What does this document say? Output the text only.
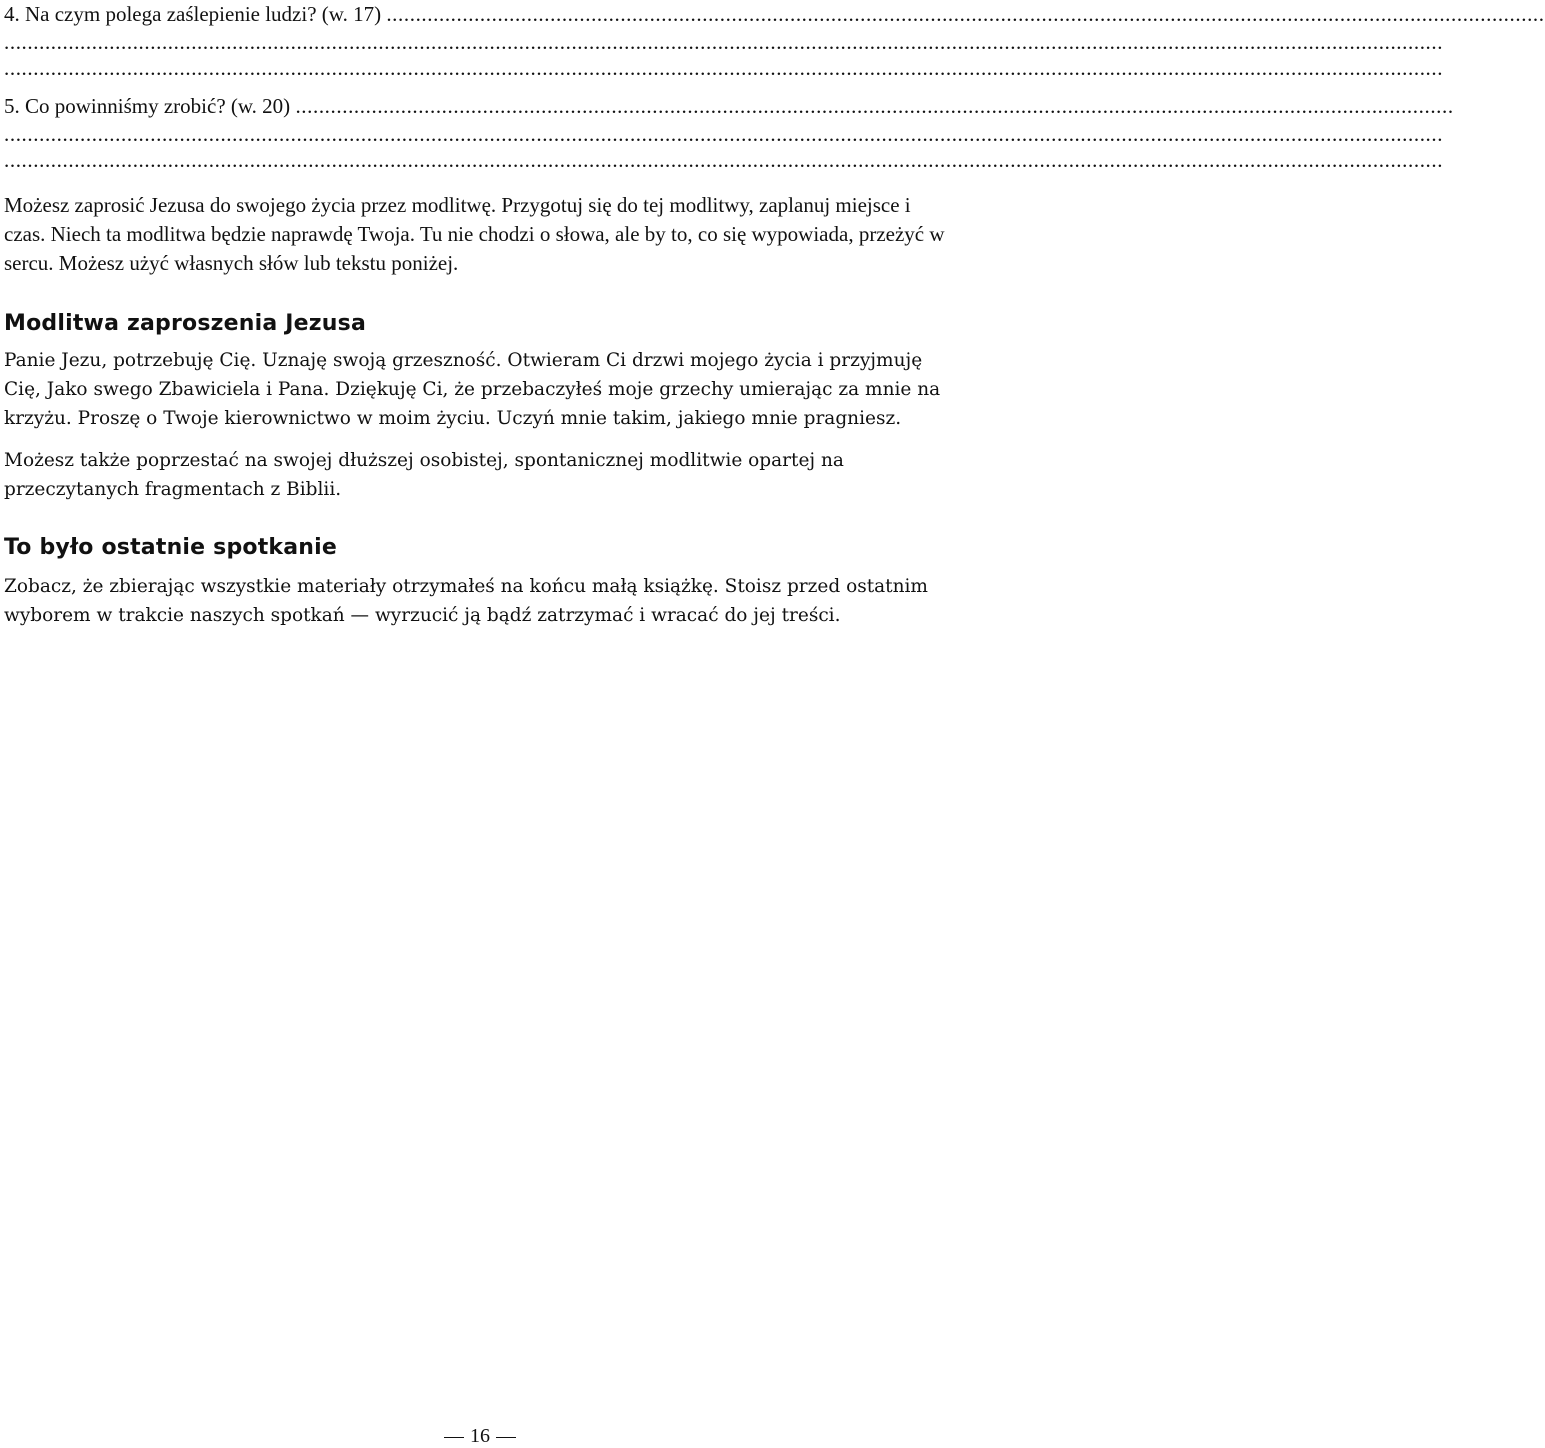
4. Na czym polega zaślepienie ludzi? (w. 17) ......................................................................................................................................................................................................
......................................................................................................................................................................................................................................................
......................................................................................................................................................................................................................................................
5. Co powinniśmy zrobić? (w. 20) ......................................................................................................................................................................................................
......................................................................................................................................................................................................................................................
......................................................................................................................................................................................................................................................

Możesz zaprosić Jezusa do swojego życia przez modlitwę. Przygotuj się do tej modlitwy, zaplanuj miejsce i czas. Niech ta modlitwa będzie naprawdę Twoja. Tu nie chodzi o słowa, ale by to, co się wypowiada, przeżyć w sercu. Możesz użyć własnych słów lub tekstu poniżej.

Modlitwa zaproszenia Jezusa

Panie Jezu, potrzebuję Cię. Uznaję swoją grzeszność. Otwieram Ci drzwi mojego życia i przyjmuję Cię, Jako swego Zbawiciela i Pana. Dziękuję Ci, że przebaczyłeś moje grzechy umierając za mnie na krzyżu. Proszę o Twoje kierownictwo w moim życiu. Uczyń mnie takim, jakiego mnie pragniesz.

Możesz także poprzestać na swojej dłuższej osobistej, spontanicznej modlitwie opartej na przeczytanych fragmentach z Biblii.

To było ostatnie spotkanie

Zobacz, że zbierając wszystkie materiały otrzymałeś na końcu małą książkę. Stoisz przed ostatnim wyborem w trakcie naszych spotkań — wyrzucić ją bądź zatrzymać i wracać do jej treści.

16
